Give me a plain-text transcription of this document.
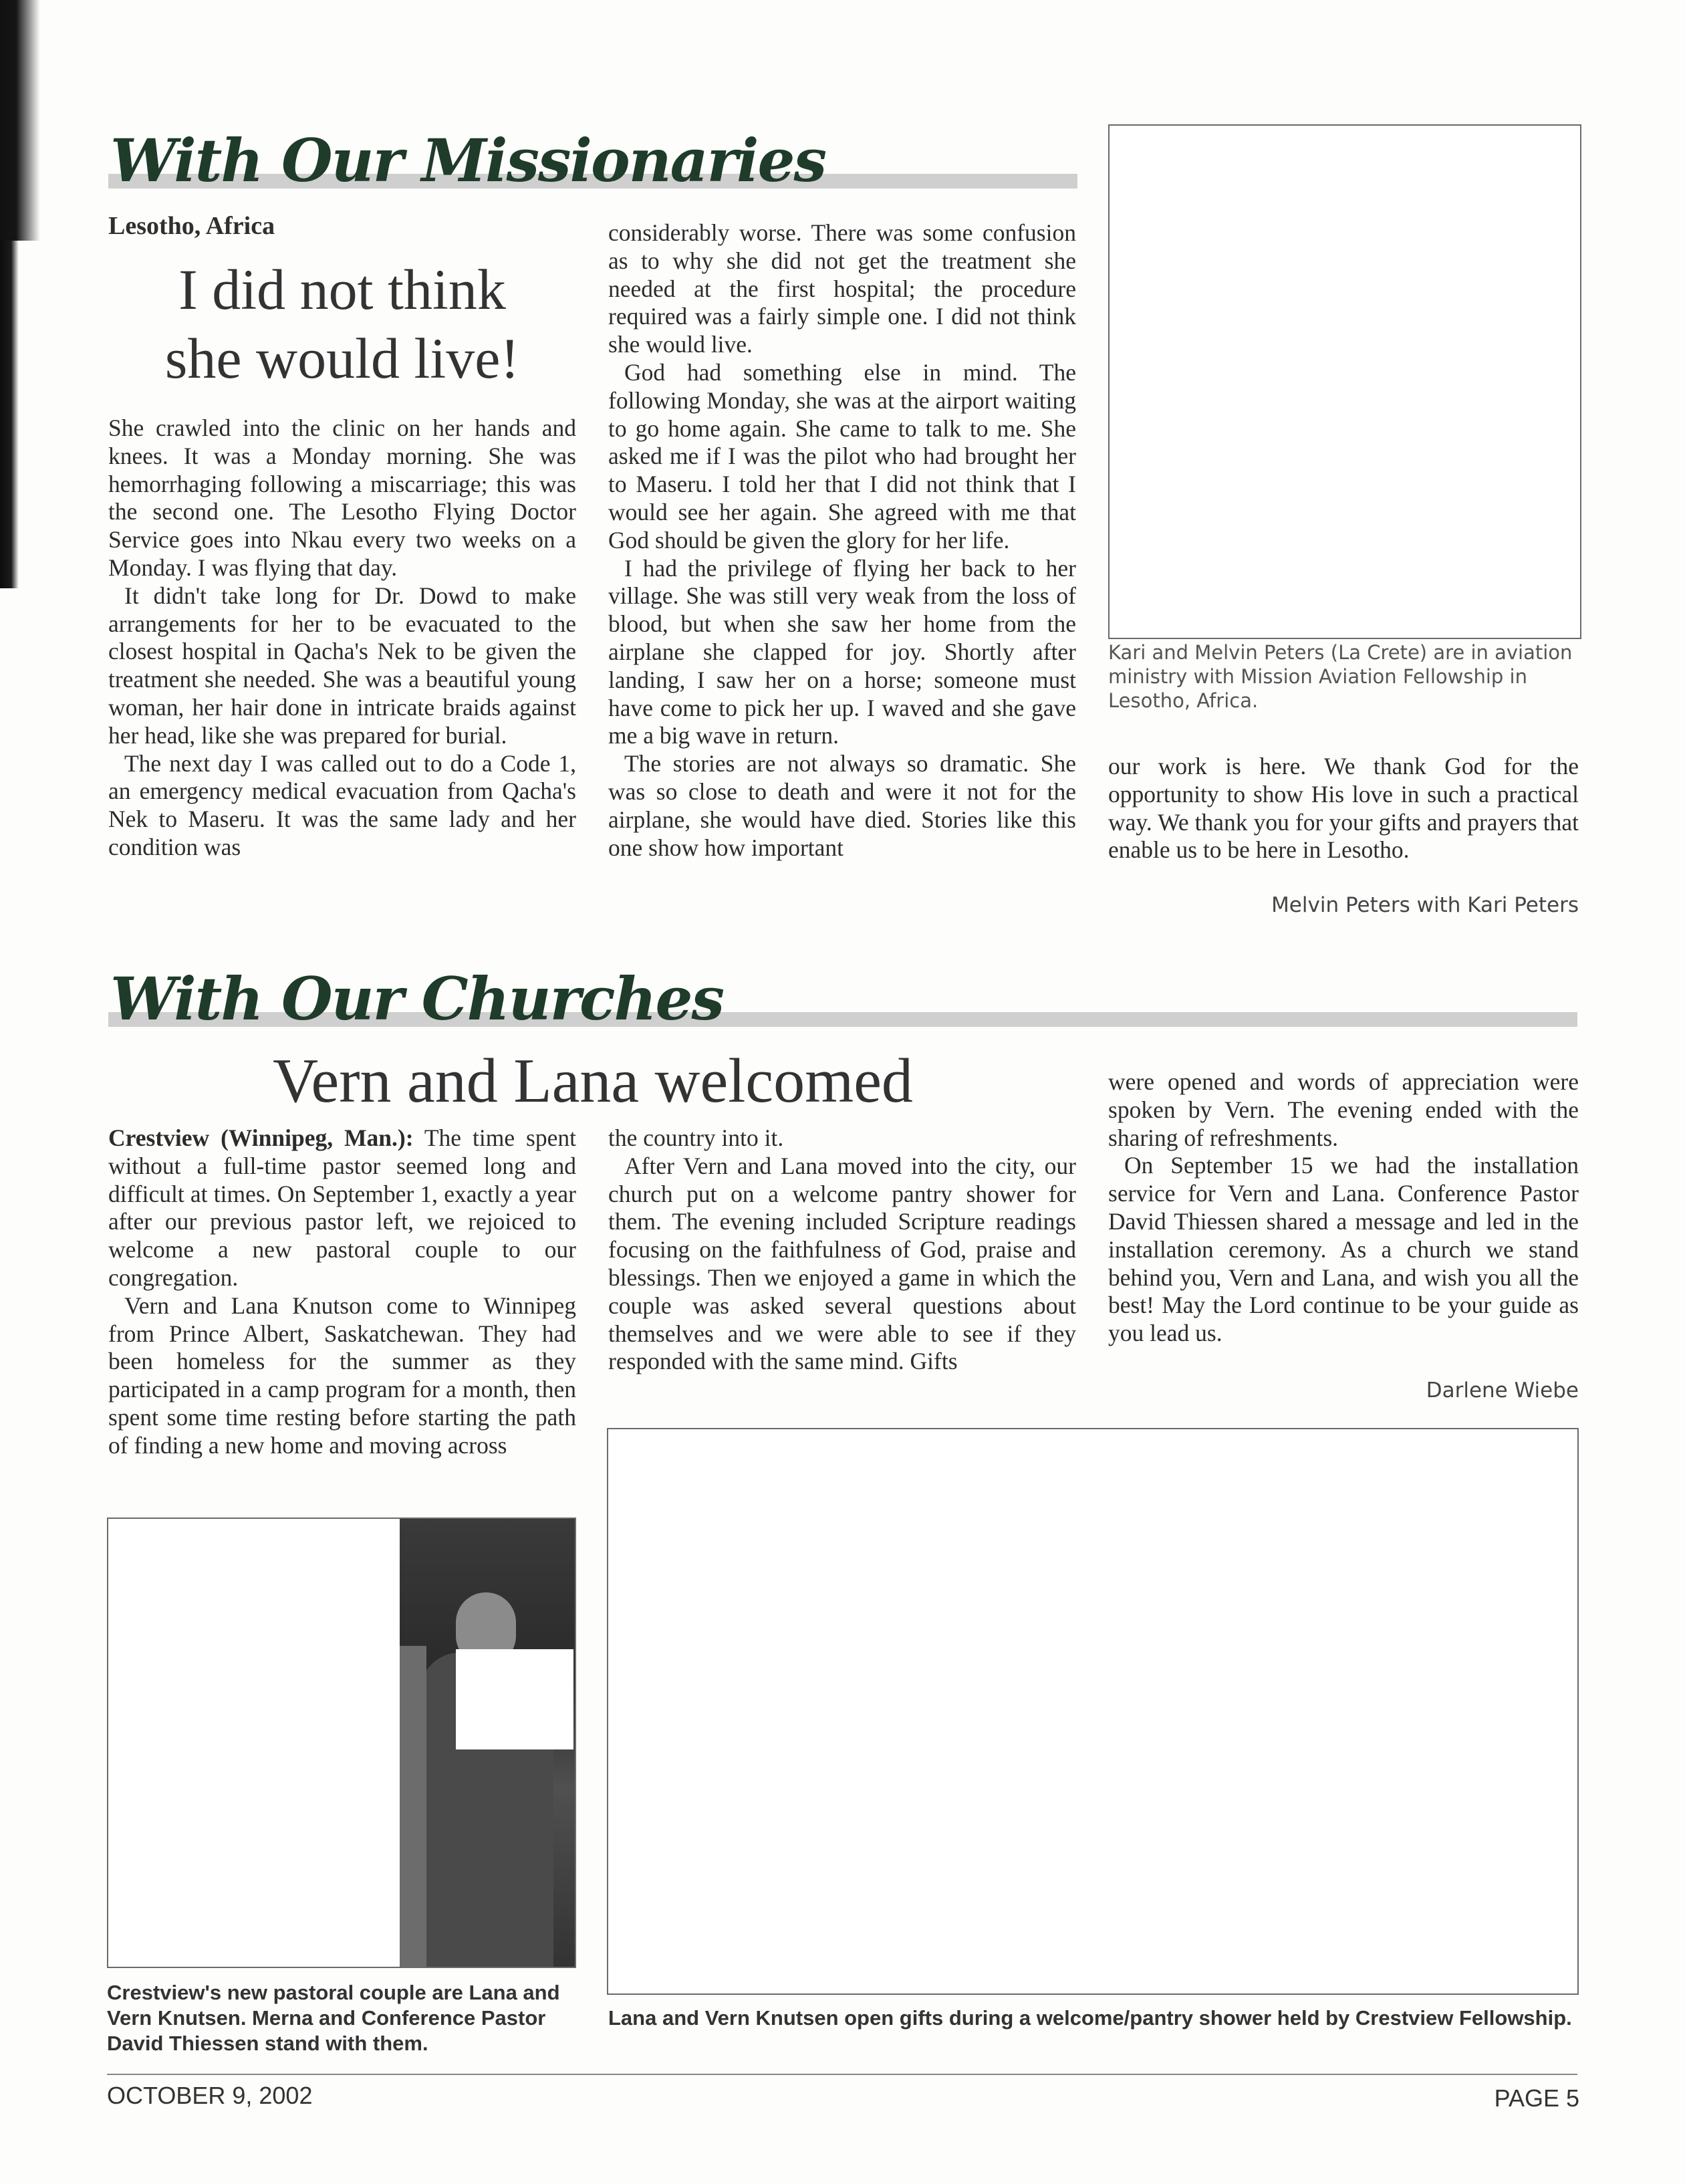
With Our Missionaries
Lesotho, Africa
I did not think
she would live!

She crawled into the clinic on her hands and knees. It was a Monday morning. She was hemorrhaging following a miscarriage; this was the second one. The Lesotho Flying Doctor Service goes into Nkau every two weeks on a Monday. I was flying that day.

It didn't take long for Dr. Dowd to make arrangements for her to be evacuated to the closest hospital in Qacha's Nek to be given the treatment she needed. She was a beautiful young woman, her hair done in intricate braids against her head, like she was prepared for burial.

The next day I was called out to do a Code 1, an emergency medical evacuation from Qacha's Nek to Maseru. It was the same lady and her condition was

considerably worse. There was some confusion as to why she did not get the treatment she needed at the first hospital; the procedure required was a fairly simple one. I did not think she would live.

God had something else in mind. The following Monday, she was at the airport waiting to go home again. She came to talk to me. She asked me if I was the pilot who had brought her to Maseru. I told her that I did not think that I would see her again. She agreed with me that God should be given the glory for her life.

I had the privilege of flying her back to her village. She was still very weak from the loss of blood, but when she saw her home from the airplane she clapped for joy. Shortly after landing, I saw her on a horse; someone must have come to pick her up. I waved and she gave me a big wave in return.

The stories are not always so dramatic. She was so close to death and were it not for the airplane, she would have died. Stories like this one show how important

Kari and Melvin Peters (La Crete) are in aviation ministry with Mission Aviation Fellowship in Lesotho, Africa.

our work is here. We thank God for the opportunity to show His love in such a practical way. We thank you for your gifts and prayers that enable us to be here in Lesotho.

Melvin Peters with Kari Peters
With Our Churches
Vern and Lana welcomed

Crestview (Winnipeg, Man.): The time spent without a full-time pastor seemed long and difficult at times. On September 1, exactly a year after our previous pastor left, we rejoiced to welcome a new pastoral couple to our congregation.

Vern and Lana Knutson come to Winnipeg from Prince Albert, Saskatchewan. They had been homeless for the summer as they participated in a camp program for a month, then spent some time resting before starting the path of finding a new home and moving across

the country into it.

After Vern and Lana moved into the city, our church put on a welcome pantry shower for them. The evening included Scripture readings focusing on the faithfulness of God, praise and blessings. Then we enjoyed a game in which the couple was asked several questions about themselves and we were able to see if they responded with the same mind. Gifts

were opened and words of appreciation were spoken by Vern. The evening ended with the sharing of refreshments.

On September 15 we had the installation service for Vern and Lana. Conference Pastor David Thiessen shared a message and led in the installation ceremony. As a church we stand behind you, Vern and Lana, and wish you all the best! May the Lord continue to be your guide as you lead us.

Darlene Wiebe
Crestview's new pastoral couple are Lana and Vern Knutsen. Merna and Conference Pastor David Thiessen stand with them.
Lana and Vern Knutsen open gifts during a welcome/pantry shower held by Crestview Fellowship.
OCTOBER 9, 2002	PAGE 5
